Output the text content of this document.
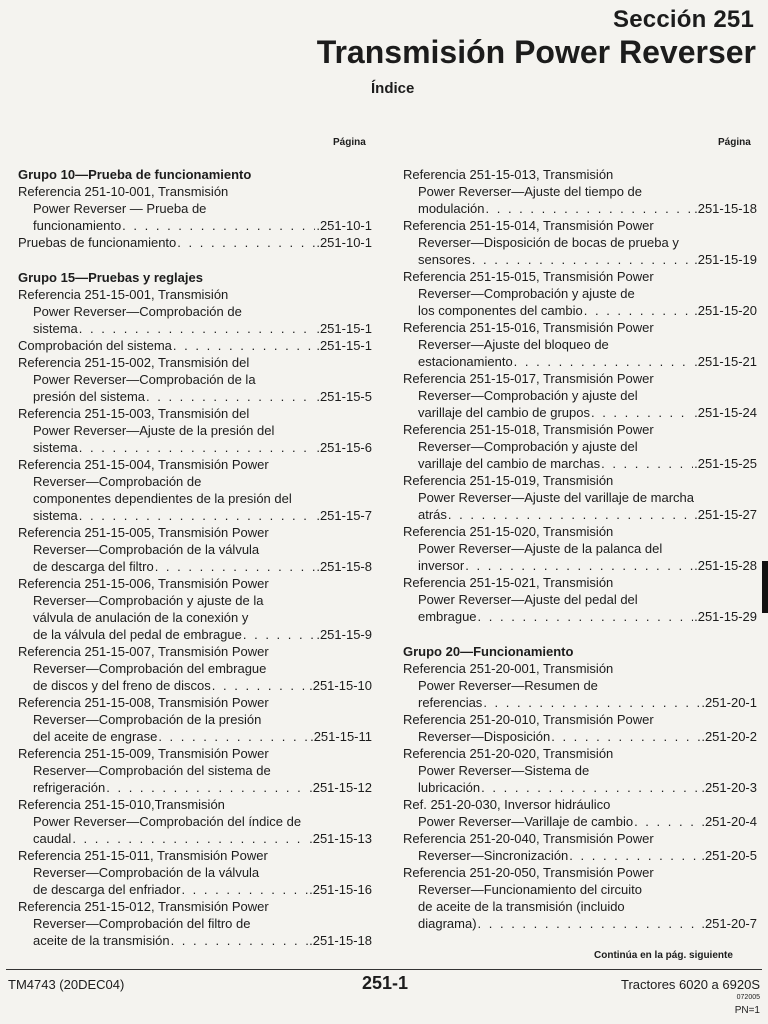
Sección 251
Transmisión Power Reverser
Índice
Página	Página
Grupo 10—Prueba de funcionamiento
Referencia 251-10-001, Transmisión
Power Reverser — Prueba de
funcionamiento . . .	.251-10-1
Pruebas de funcionamiento . . .	.251-10-1
Grupo 15—Pruebas y reglajes
Referencia 251-15-001, Transmisión
Power Reverser—Comprobación de
sistema . . .	.251-15-1
Comprobación del sistema . . .	.251-15-1
Referencia 251-15-002, Transmisión del
Power Reverser—Comprobación de la
presión del sistema . . .	.251-15-5
Referencia 251-15-003, Transmisión del
Power Reverser—Ajuste de la presión del
sistema . . .	.251-15-6
Referencia 251-15-004, Transmisión Power
Reverser—Comprobación de
componentes dependientes de la presión del
sistema . . .	.251-15-7
Referencia 251-15-005, Transmisión Power
Reverser—Comprobación de la válvula
de descarga del filtro . . .	.251-15-8
Referencia 251-15-006, Transmisión Power
Reverser—Comprobación y ajuste de la
válvula de anulación de la conexión y
de la válvula del pedal de embrague . . .	.251-15-9
Referencia 251-15-007, Transmisión Power
Reverser—Comprobación del embrague
de discos y del freno de discos . . .	.251-15-10
Referencia 251-15-008, Transmisión Power
Reverser—Comprobación de la presión
del aceite de engrase . . .	.251-15-11
Referencia 251-15-009, Transmisión Power
Reserver—Comprobación del sistema de
refrigeración . . .	.251-15-12
Referencia 251-15-010,Transmisión
Power Reverser—Comprobación del índice de
caudal . . .	.251-15-13
Referencia 251-15-011, Transmisión Power
Reverser—Comprobación de la válvula
de descarga del enfriador . . .	.251-15-16
Referencia 251-15-012, Transmisión Power
Reverser—Comprobación del filtro de
aceite de la transmisión . . .	.251-15-18
Referencia 251-15-013, Transmisión
Power Reverser—Ajuste del tiempo de
modulación . . .	.251-15-18
Referencia 251-15-014, Transmisión Power
Reverser—Disposición de bocas de prueba y
sensores . . .	.251-15-19
Referencia 251-15-015, Transmisión Power
Reverser—Comprobación y ajuste de
los componentes del cambio . . .	.251-15-20
Referencia 251-15-016, Transmisión Power
Reverser—Ajuste del bloqueo de
estacionamiento . . .	.251-15-21
Referencia 251-15-017, Transmisión Power
Reverser—Comprobación y ajuste del
varillaje del cambio de grupos . . .	.251-15-24
Referencia 251-15-018, Transmisión Power
Reverser—Comprobación y ajuste del
varillaje del cambio de marchas . . .	.251-15-25
Referencia 251-15-019, Transmisión
Power Reverser—Ajuste del varillaje de marcha
atrás . . .	.251-15-27
Referencia 251-15-020, Transmisión
Power Reverser—Ajuste de la palanca del
inversor . . .	.251-15-28
Referencia 251-15-021, Transmisión
Power Reverser—Ajuste del pedal del
embrague . . .	.251-15-29
Grupo 20—Funcionamiento
Referencia 251-20-001, Transmisión
Power Reverser—Resumen de
referencias . . .	.251-20-1
Referencia 251-20-010, Transmisión Power
Reverser—Disposición . . .	.251-20-2
Referencia 251-20-020, Transmisión
Power Reverser—Sistema de
lubricación . . .	.251-20-3
Ref. 251-20-030, Inversor hidráulico
Power Reverser—Varillaje de cambio . . .	.251-20-4
Referencia 251-20-040, Transmisión Power
Reverser—Sincronización . . .	.251-20-5
Referencia 251-20-050, Transmisión Power
Reverser—Funcionamiento del circuito
de aceite de la transmisión (incluido
diagrama) . . .	.251-20-7
Continúa en la pág. siguiente
TM4743 (20DEC04)	251-1	Tractores 6020 a 6920S
072005
PN=1
